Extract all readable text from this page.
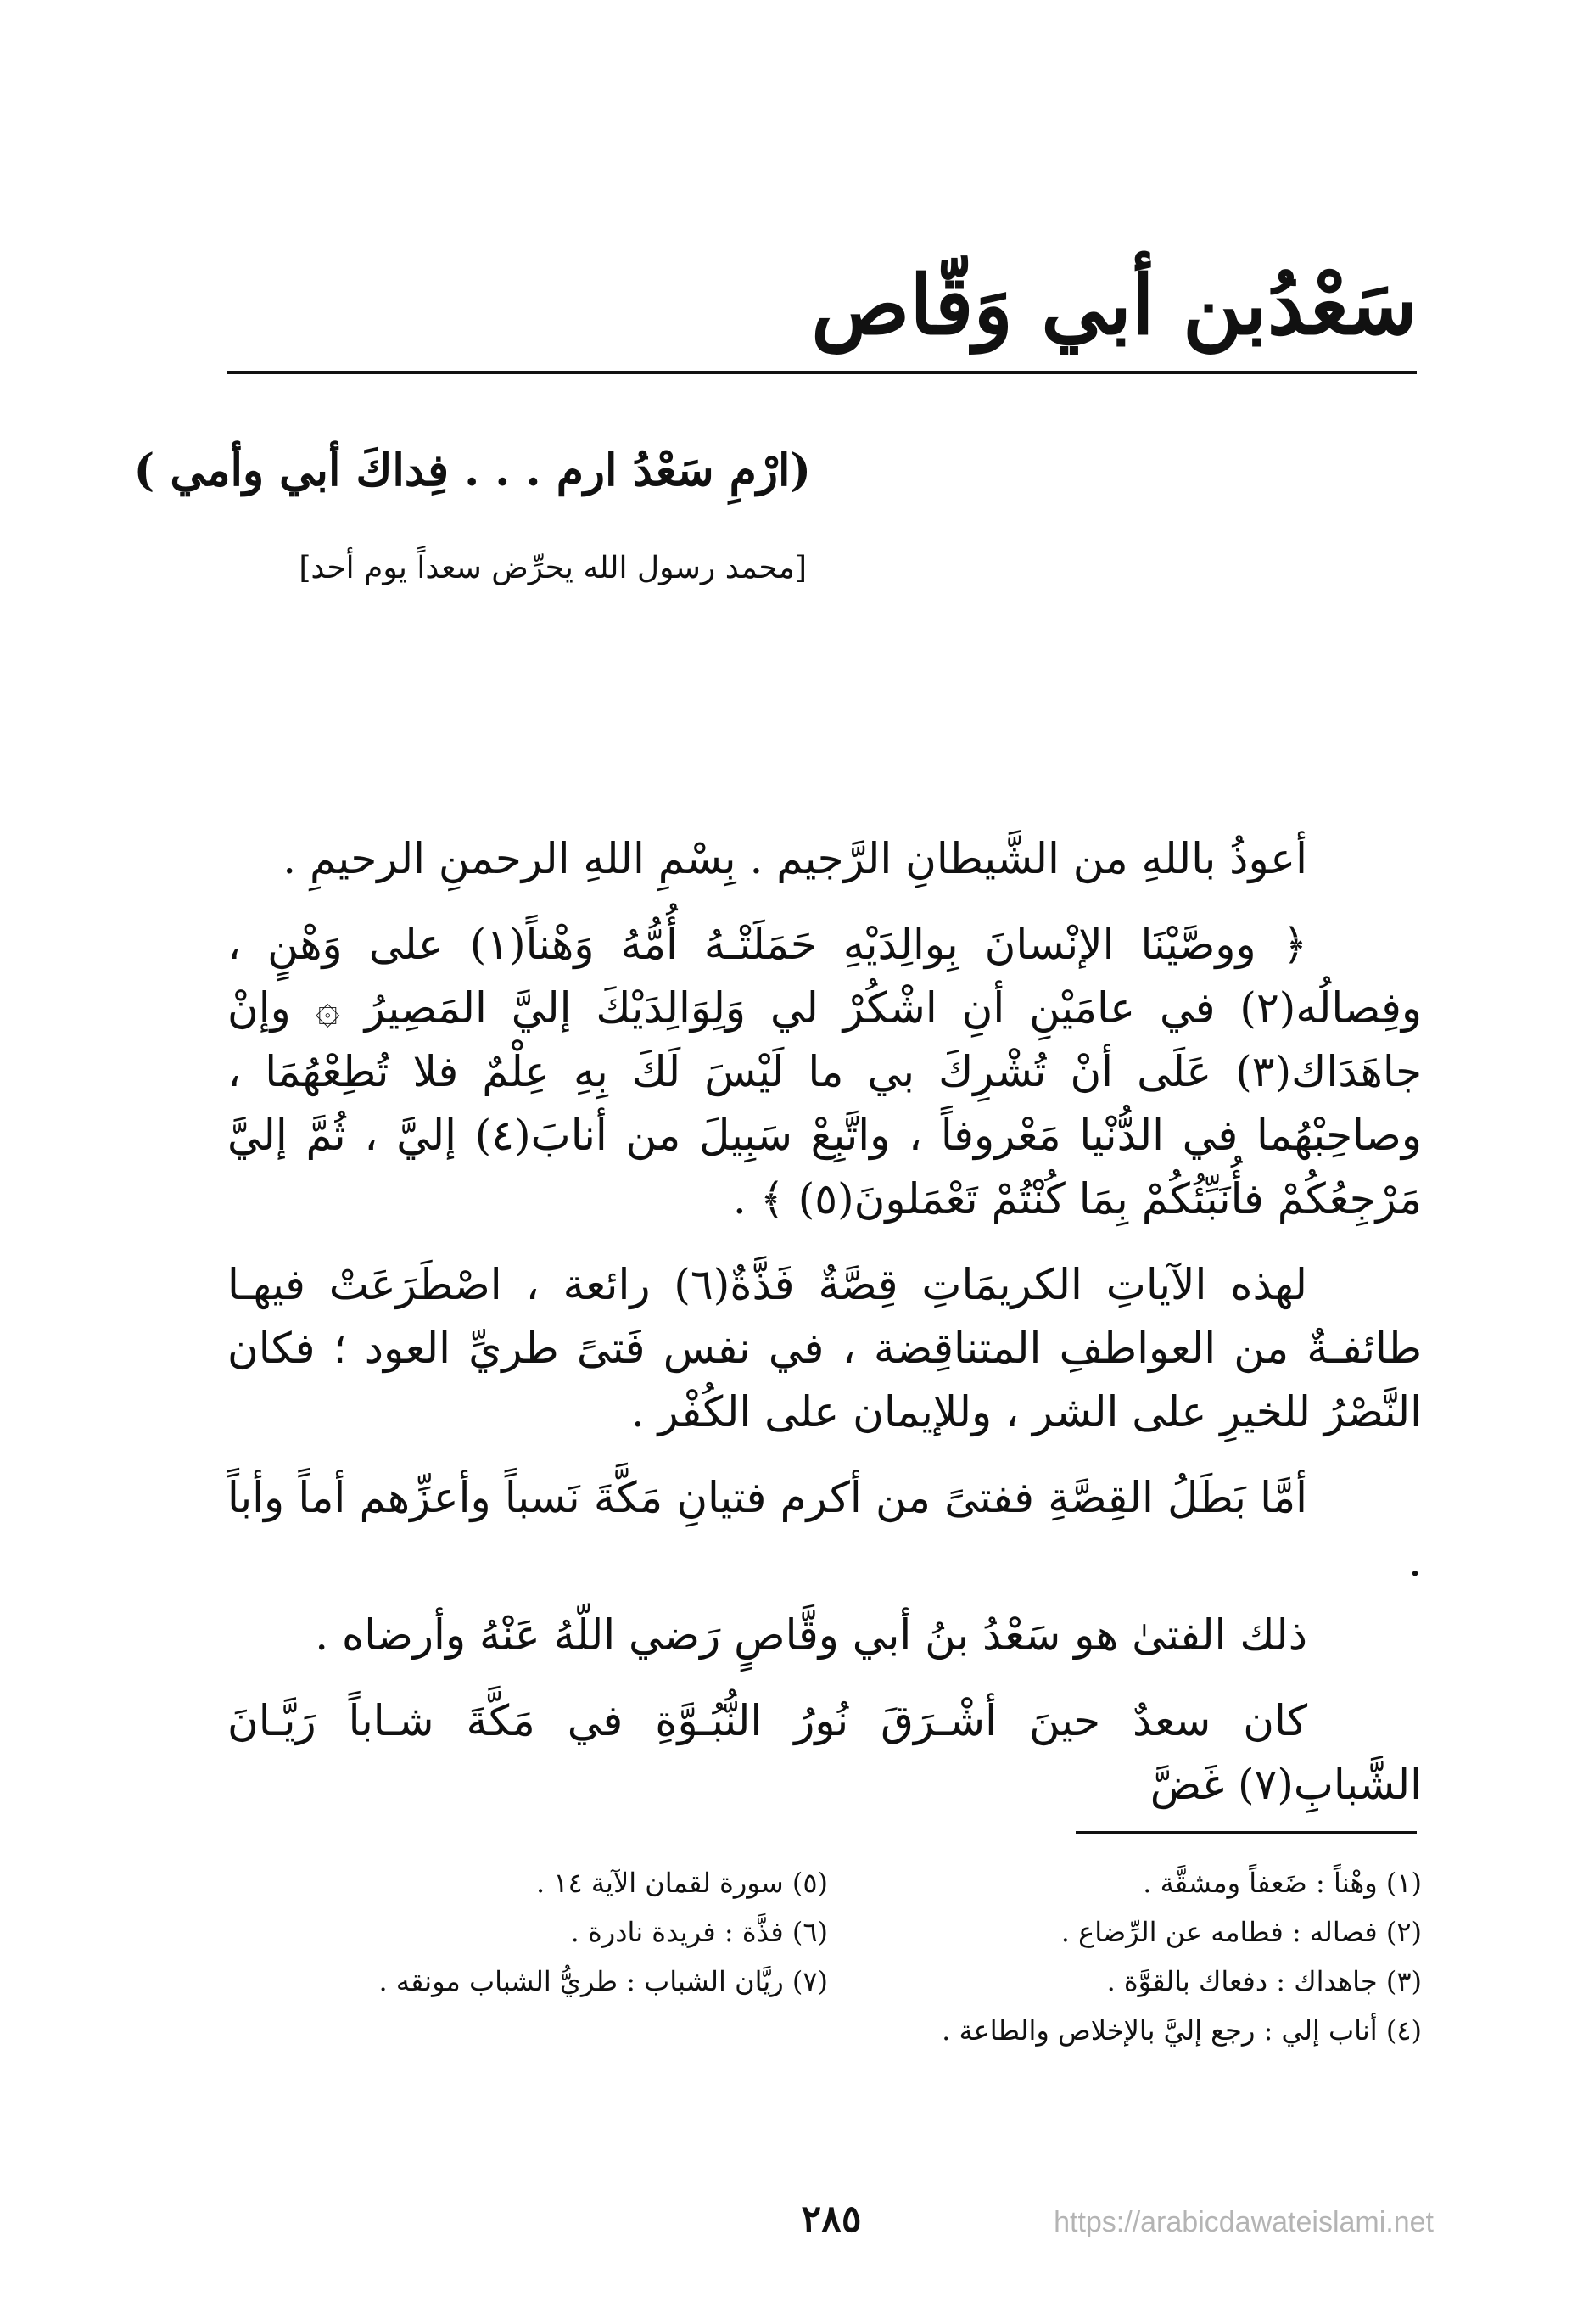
سَعْدُبن أبي وَقّاص
(ارْمِ سَعْدُ ارم . . . فِداكَ أبي وأمي )
[محمد رسول الله يحرِّض سعداً يوم أحد]

أعوذُ باللهِ من الشَّيطانِ الرَّجيم . بِسْمِ اللهِ الرحمنِ الرحيمِ .

﴿ ووصَّيْنَا الإنْسانَ بِوالِدَيْهِ حَمَلَتْـهُ أُمُّهُ وَهْناً(١) على وَهْنٍ ، وفِصالُه(٢) في عامَيْنِ أنِ اشْكُرْ لي وَلِوَالِدَيْكَ إليَّ المَصِيرُ ۞ وإنْ جاهَدَاك(٣) عَلَى أنْ تُشْرِكَ بي ما لَيْسَ لَكَ بِهِ عِلْمٌ فلا تُطِعْهُمَا ، وصاحِبْهُما في الدُّنْيا مَعْروفاً ، واتَّبِعْ سَبِيلَ من أنابَ(٤) إليَّ ، ثُمَّ إليَّ مَرْجِعُكُمْ فأُنَبِّئُكُمْ بِمَا كُنْتُمْ تَعْمَلونَ(٥) ﴾ .

لهذه الآياتِ الكريمَاتِ قِصَّةٌ فَذَّةٌ(٦) رائعة ، اصْطَرَعَتْ فيهـا طائفـةٌ من العواطفِ المتناقِضة ، في نفس فَتىً طريِّ العود ؛ فكان النَّصْرُ للخيرِ على الشر ، وللإيمان على الكُفْر .

أمَّا بَطَلُ القِصَّةِ ففتىً من أكرم فتيانِ مَكَّةَ نَسباً وأعزِّهم أماً وأباً .

ذلك الفتىٰ هو سَعْدُ بنُ أبي وقَّاصٍ رَضي اللّهُ عَنْهُ وأرضاه .

كان سعدٌ حينَ أشْـرَقَ نُورُ النُّبُـوَّةِ في مَكَّةَ شـاباً رَيَّـانَ الشَّبابِ(٧) غَضَّ

(١) وهْناً : ضَعفاً ومشقَّة .
(٢) فصاله : فطامه عن الرِّضاع .
(٣) جاهداك : دفعاك بالقوَّة .
(٤) أناب إلي : رجع إليَّ بالإخلاص والطاعة .
(٥) سورة لقمان الآية ١٤ .
(٦) فذَّة : فريدة نادرة .
(٧) ريَّان الشباب : طريُّ الشباب مونقه .
٢٨٥	https://arabicdawateislami.net
